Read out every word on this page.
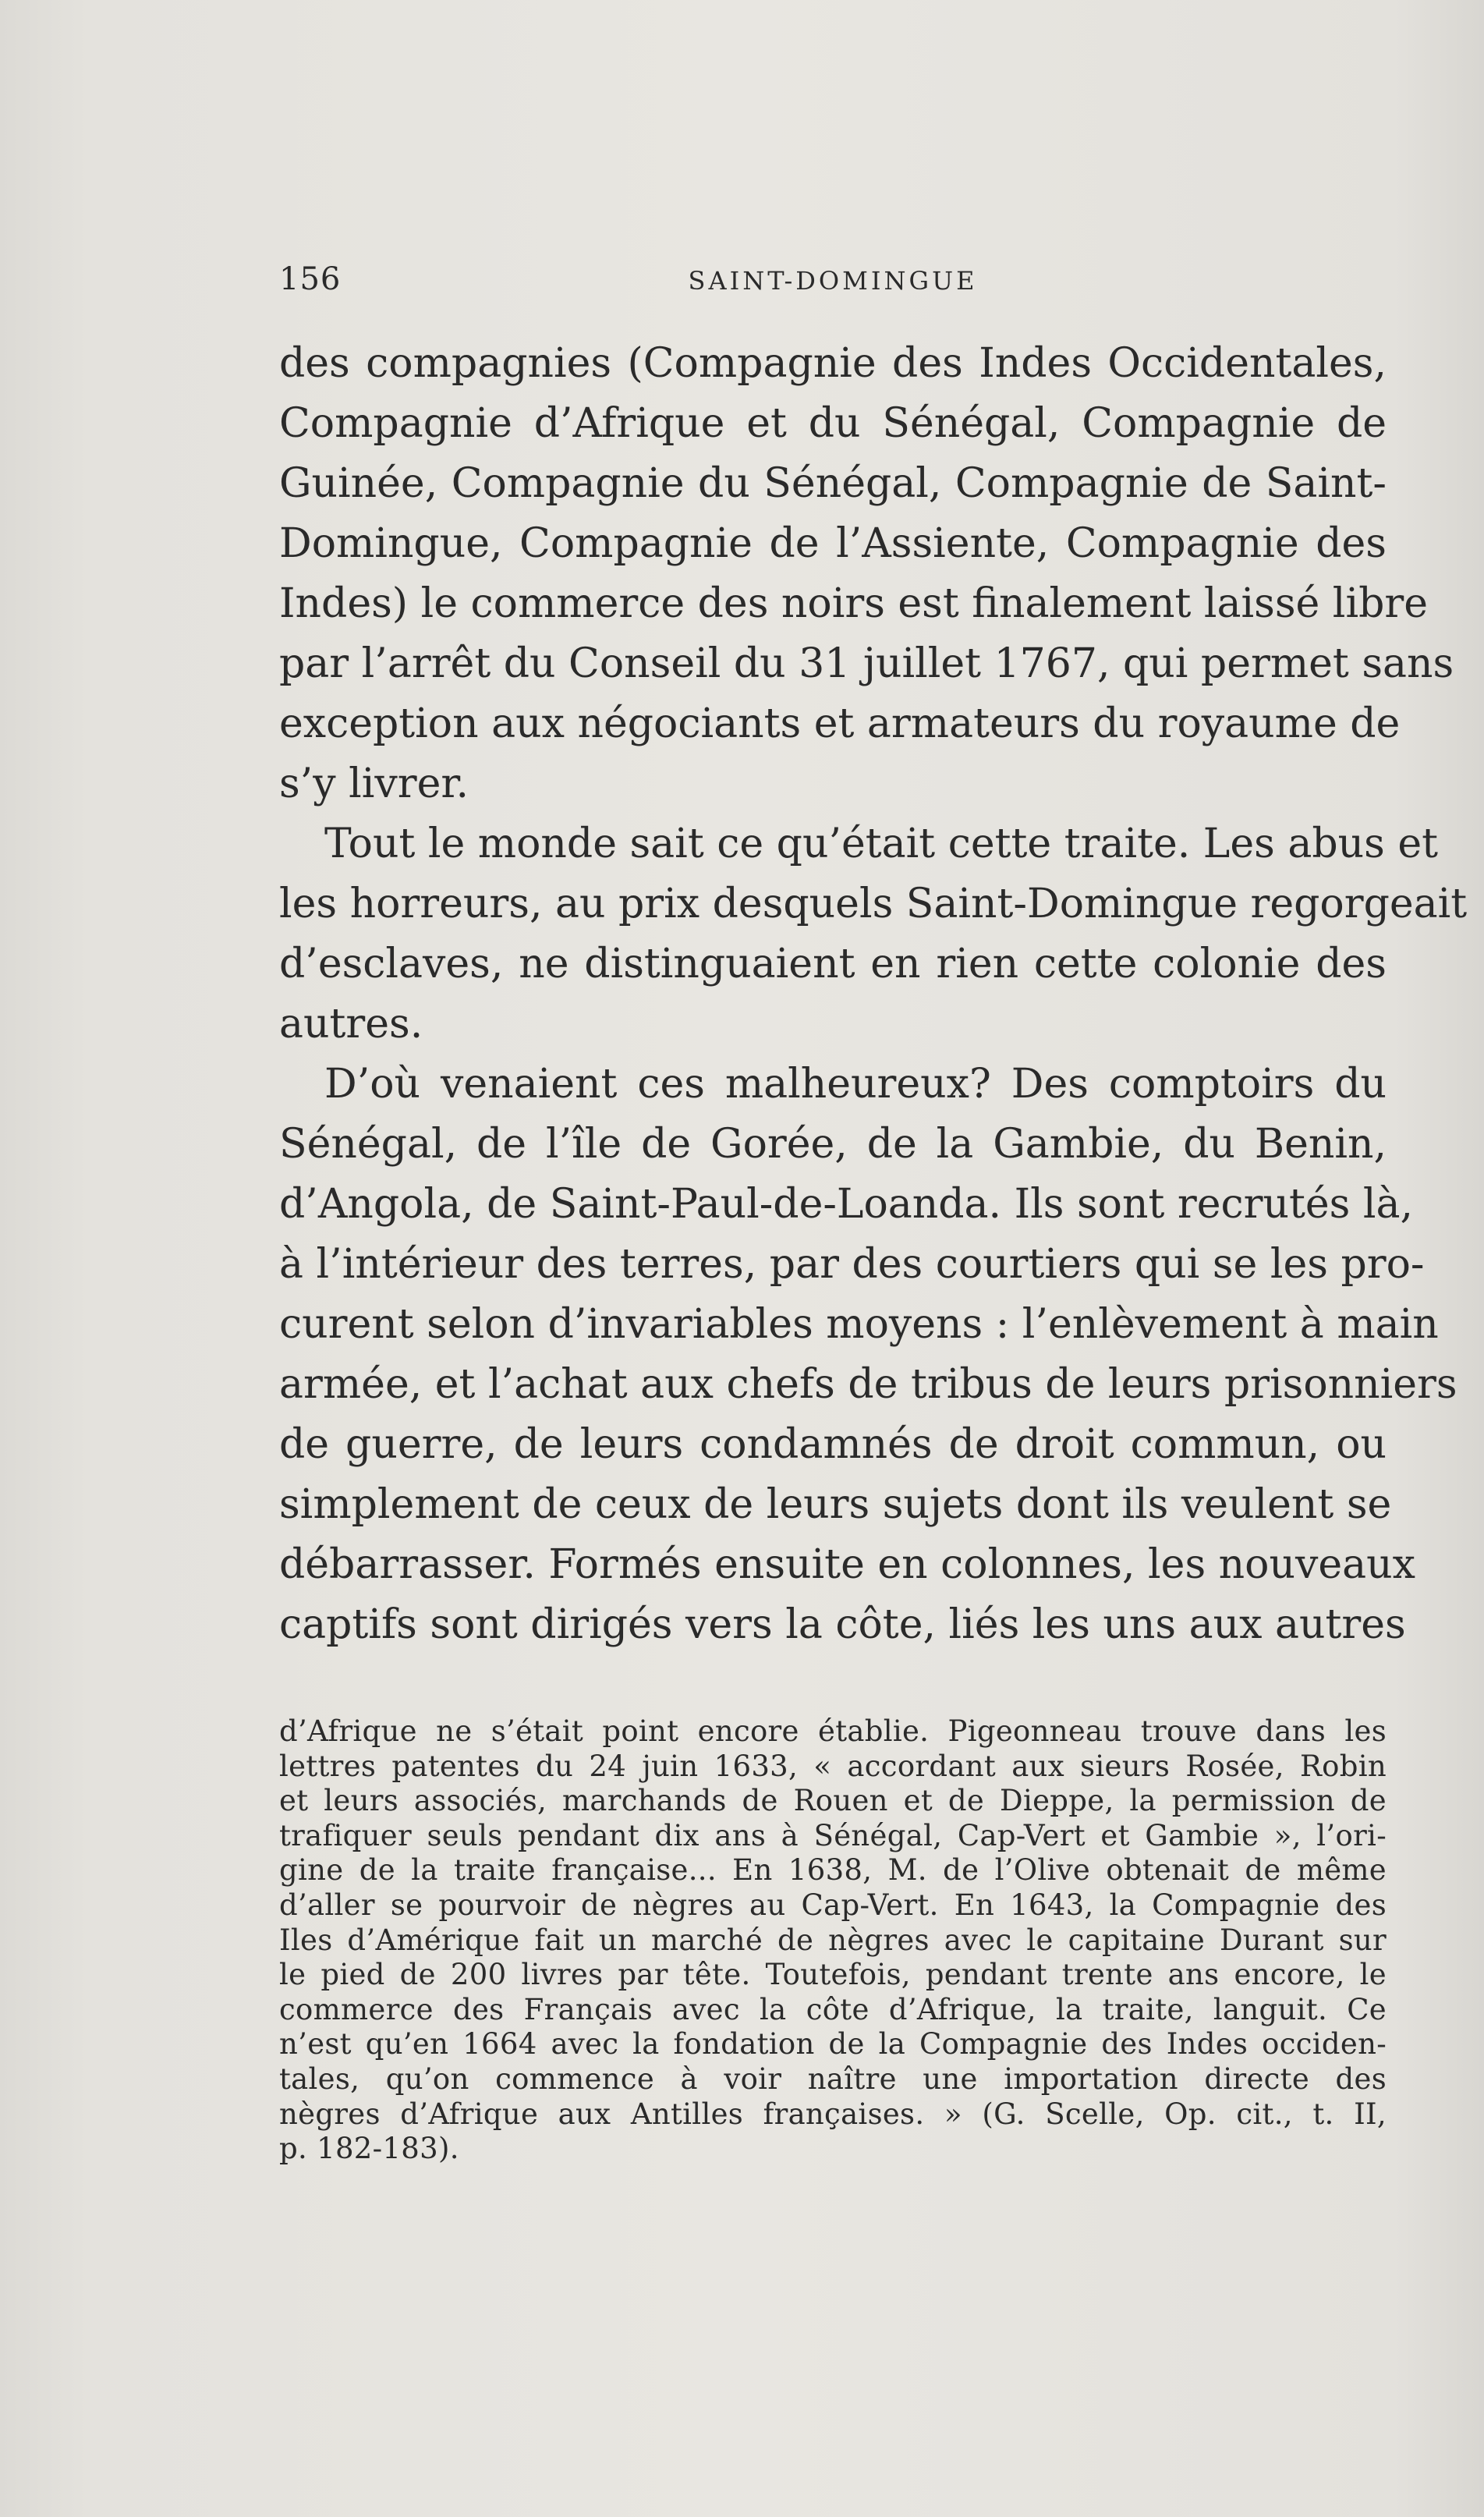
156	SAINT-DOMINGUE
des compagnies (Compagnie des Indes Occidentales,
Compagnie d’Afrique et du Sénégal, Compagnie de
Guinée, Compagnie du Sénégal, Compagnie de Saint-
Domingue, Compagnie de l’Assiente, Compagnie des
Indes) le commerce des noirs est finalement laissé libre
par l’arrêt du Conseil du 31 juillet 1767, qui permet sans
exception aux négociants et armateurs du royaume de
s’y livrer.
Tout le monde sait ce qu’était cette traite. Les abus et
les horreurs, au prix desquels Saint-Domingue regorgeait
d’esclaves, ne distinguaient en rien cette colonie des
autres.
D’où venaient ces malheureux? Des comptoirs du
Sénégal, de l’île de Gorée, de la Gambie, du Benin,
d’Angola, de Saint-Paul-de-Loanda. Ils sont recrutés là,
à l’intérieur des terres, par des courtiers qui se les pro-
curent selon d’invariables moyens : l’enlèvement à main
armée, et l’achat aux chefs de tribus de leurs prisonniers
de guerre, de leurs condamnés de droit commun, ou
simplement de ceux de leurs sujets dont ils veulent se
débarrasser. Formés ensuite en colonnes, les nouveaux
captifs sont dirigés vers la côte, liés les uns aux autres
d’Afrique ne s’était point encore établie. Pigeonneau trouve dans les
lettres patentes du 24 juin 1633, « accordant aux sieurs Rosée, Robin
et leurs associés, marchands de Rouen et de Dieppe, la permission de
trafiquer seuls pendant dix ans à Sénégal, Cap-Vert et Gambie », l’ori-
gine de la traite française... En 1638, M. de l’Olive obtenait de même
d’aller se pourvoir de nègres au Cap-Vert. En 1643, la Compagnie des
Iles d’Amérique fait un marché de nègres avec le capitaine Durant sur
le pied de 200 livres par tête. Toutefois, pendant trente ans encore, le
commerce des Français avec la côte d’Afrique, la traite, languit. Ce
n’est qu’en 1664 avec la fondation de la Compagnie des Indes occiden-
tales, qu’on commence à voir naître une importation directe des
nègres d’Afrique aux Antilles françaises. » (G. Scelle, Op. cit., t. II,
p. 182-183).
